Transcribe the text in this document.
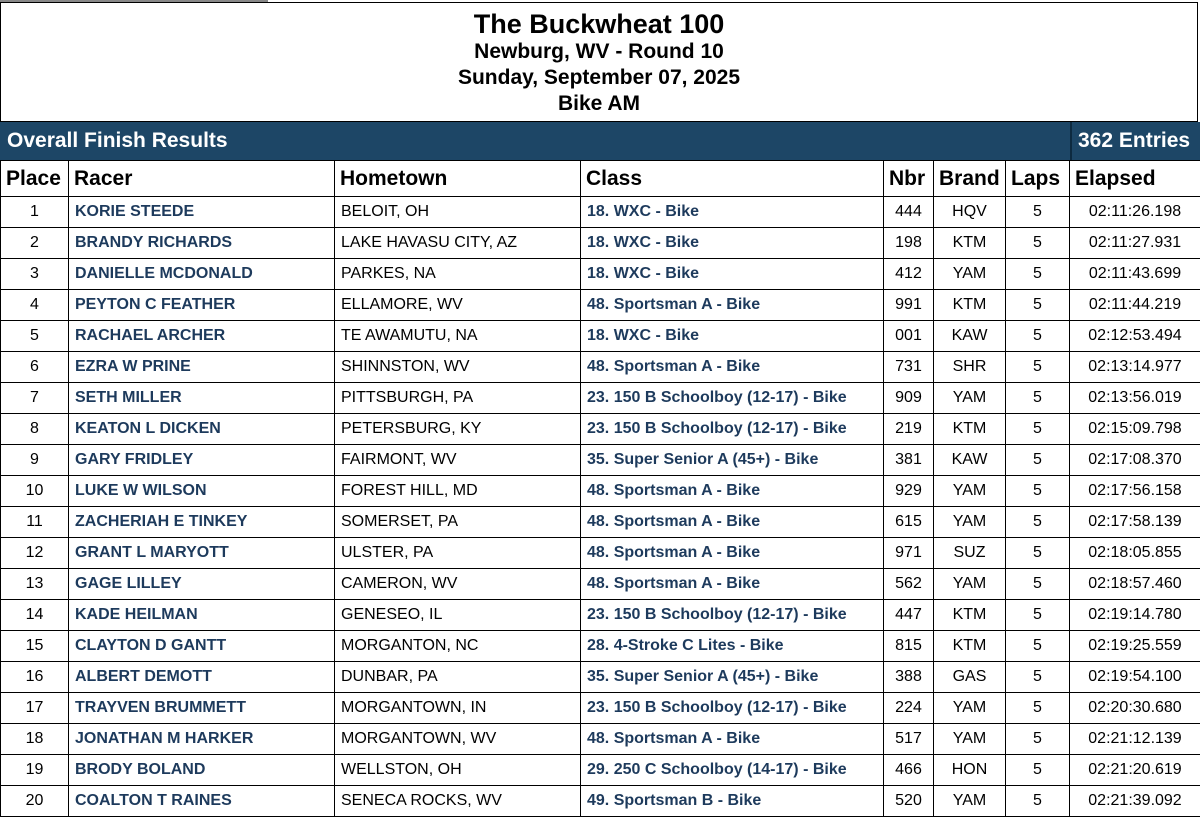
The Buckwheat 100
Newburg, WV - Round 10
Sunday, September 07, 2025
Bike AM
Overall Finish Results	362 Entries
Place	Racer	Hometown	Class	Nbr	Brand	Laps	Elapsed
1	KORIE STEEDE	BELOIT, OH	18. WXC - Bike	444	HQV	5	02:11:26.198
2	BRANDY RICHARDS	LAKE HAVASU CITY, AZ	18. WXC - Bike	198	KTM	5	02:11:27.931
3	DANIELLE MCDONALD	PARKES, NA	18. WXC - Bike	412	YAM	5	02:11:43.699
4	PEYTON C FEATHER	ELLAMORE, WV	48. Sportsman A - Bike	991	KTM	5	02:11:44.219
5	RACHAEL ARCHER	TE AWAMUTU, NA	18. WXC - Bike	001	KAW	5	02:12:53.494
6	EZRA W PRINE	SHINNSTON, WV	48. Sportsman A - Bike	731	SHR	5	02:13:14.977
7	SETH MILLER	PITTSBURGH, PA	23. 150 B Schoolboy (12-17) - Bike	909	YAM	5	02:13:56.019
8	KEATON L DICKEN	PETERSBURG, KY	23. 150 B Schoolboy (12-17) - Bike	219	KTM	5	02:15:09.798
9	GARY FRIDLEY	FAIRMONT, WV	35. Super Senior A (45+) - Bike	381	KAW	5	02:17:08.370
10	LUKE W WILSON	FOREST HILL, MD	48. Sportsman A - Bike	929	YAM	5	02:17:56.158
11	ZACHERIAH E TINKEY	SOMERSET, PA	48. Sportsman A - Bike	615	YAM	5	02:17:58.139
12	GRANT L MARYOTT	ULSTER, PA	48. Sportsman A - Bike	971	SUZ	5	02:18:05.855
13	GAGE LILLEY	CAMERON, WV	48. Sportsman A - Bike	562	YAM	5	02:18:57.460
14	KADE HEILMAN	GENESEO, IL	23. 150 B Schoolboy (12-17) - Bike	447	KTM	5	02:19:14.780
15	CLAYTON D GANTT	MORGANTON, NC	28. 4-Stroke C Lites - Bike	815	KTM	5	02:19:25.559
16	ALBERT DEMOTT	DUNBAR, PA	35. Super Senior A (45+) - Bike	388	GAS	5	02:19:54.100
17	TRAYVEN BRUMMETT	MORGANTOWN, IN	23. 150 B Schoolboy (12-17) - Bike	224	YAM	5	02:20:30.680
18	JONATHAN M HARKER	MORGANTOWN, WV	48. Sportsman A - Bike	517	YAM	5	02:21:12.139
19	BRODY BOLAND	WELLSTON, OH	29. 250 C Schoolboy (14-17) - Bike	466	HON	5	02:21:20.619
20	COALTON T RAINES	SENECA ROCKS, WV	49. Sportsman B - Bike	520	YAM	5	02:21:39.092
